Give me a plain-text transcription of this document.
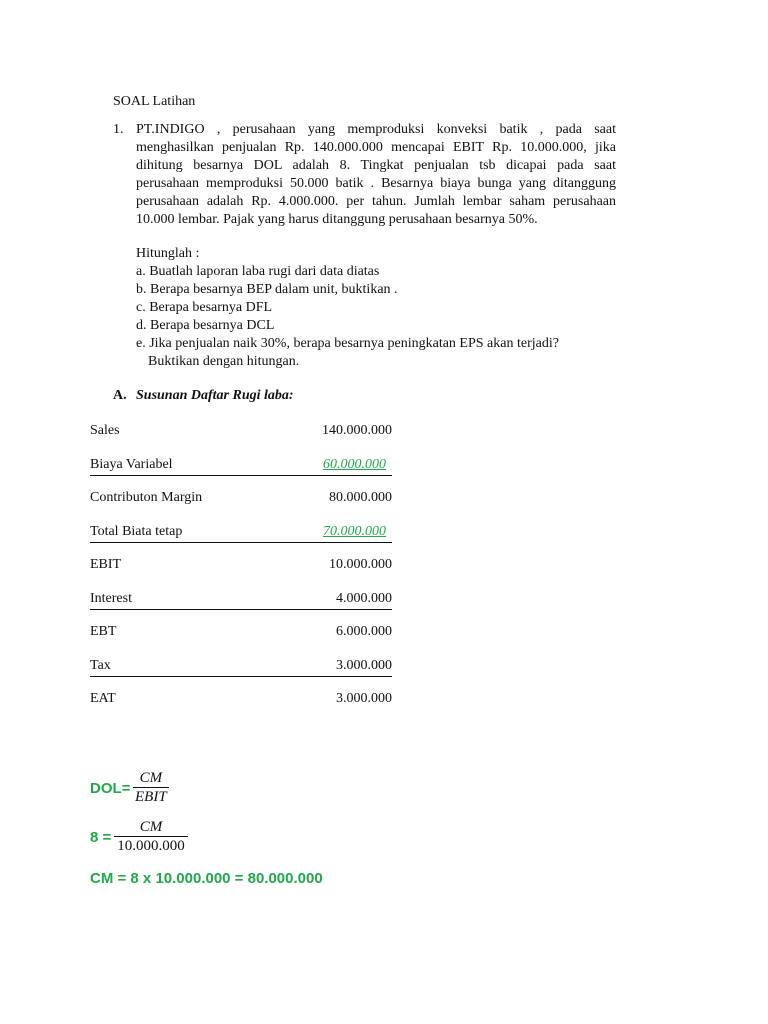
SOAL Latihan
1. PT.INDIGO , perusahaan yang memproduksi konveksi batik , pada saat
menghasilkan penjualan Rp. 140.000.000 mencapai EBIT Rp. 10.000.000, jika
dihitung besarnya DOL adalah 8. Tingkat penjualan tsb dicapai pada saat
perusahaan memproduksi 50.000 batik . Besarnya biaya bunga yang ditanggung
perusahaan adalah Rp. 4.000.000. per tahun. Jumlah lembar saham perusahaan
10.000 lembar. Pajak yang harus ditanggung perusahaan besarnya 50%.
Hitunglah :
a. Buatlah laporan laba rugi dari data diatas
b. Berapa besarnya BEP dalam unit, buktikan .
c. Berapa besarnya DFL
d. Berapa besarnya DCL
e. Jika penjualan naik 30%, berapa besarnya peningkatan EPS akan terjadi?
Buktikan dengan hitungan.
A. Susunan Daftar Rugi laba:
Sales	140.000.000
Biaya Variabel	60.000.000
Contributon Margin	80.000.000
Total Biata tetap	70.000.000
EBIT	10.000.000
Interest	4.000.000
EBT	6.000.000
Tax	3.000.000
EAT	3.000.000
DOL=
CM
EBIT
8 =
CM
10.000.000
CM = 8 x 10.000.000 = 80.000.000
